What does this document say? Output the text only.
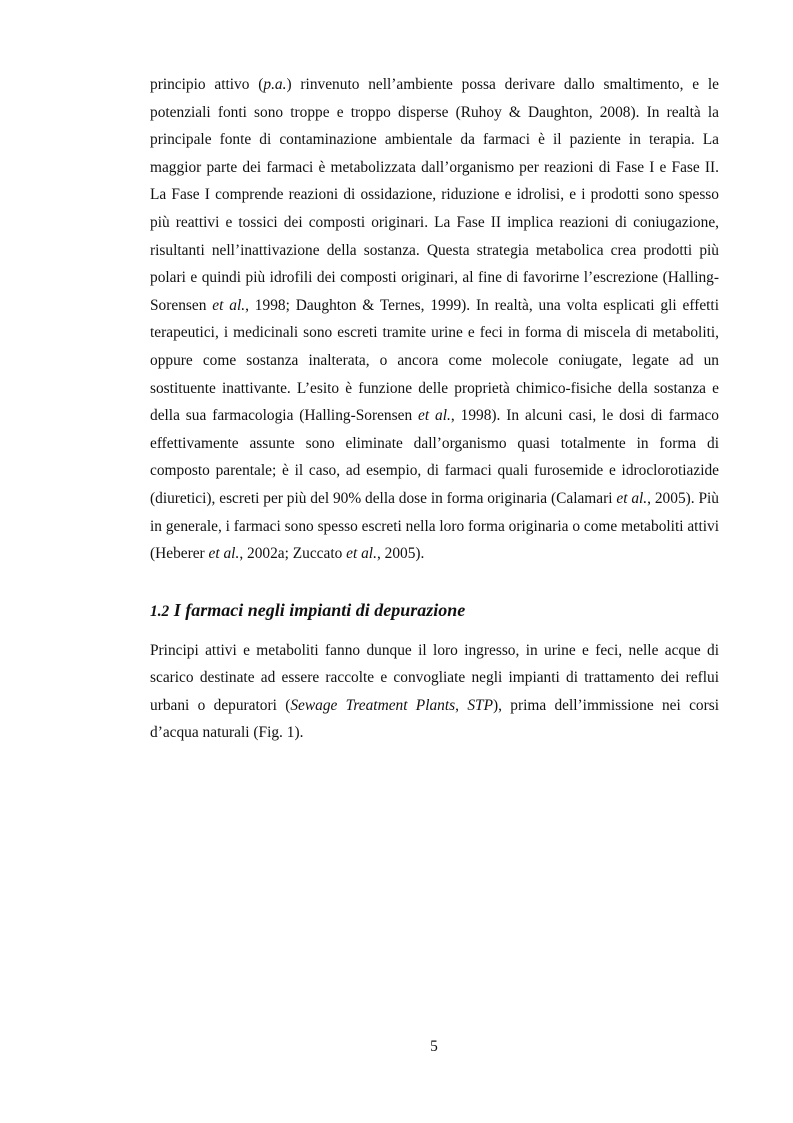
principio attivo (p.a.) rinvenuto nell’ambiente possa derivare dallo smaltimento, e le potenziali fonti sono troppe e troppo disperse (Ruhoy & Daughton, 2008). In realtà la principale fonte di contaminazione ambientale da farmaci è il paziente in terapia. La maggior parte dei farmaci è metabolizzata dall’organismo per reazioni di Fase I e Fase II. La Fase I comprende reazioni di ossidazione, riduzione e idrolisi, e i prodotti sono spesso più reattivi e tossici dei composti originari. La Fase II implica reazioni di coniugazione, risultanti nell’inattivazione della sostanza. Questa strategia metabolica crea prodotti più polari e quindi più idrofili dei composti originari, al fine di favorirne l’escrezione (Halling-Sorensen et al., 1998; Daughton & Ternes, 1999). In realtà, una volta esplicati gli effetti terapeutici, i medicinali sono escreti tramite urine e feci in forma di miscela di metaboliti, oppure come sostanza inalterata, o ancora come molecole coniugate, legate ad un sostituente inattivante. L’esito è funzione delle proprietà chimico-fisiche della sostanza e della sua farmacologia (Halling-Sorensen et al., 1998). In alcuni casi, le dosi di farmaco effettivamente assunte sono eliminate dall’organismo quasi totalmente in forma di composto parentale; è il caso, ad esempio, di farmaci quali furosemide e idroclorotiazide (diuretici), escreti per più del 90% della dose in forma originaria (Calamari et al., 2005). Più in generale, i farmaci sono spesso escreti nella loro forma originaria o come metaboliti attivi (Heberer et al., 2002a; Zuccato et al., 2005).

1.2 I farmaci negli impianti di depurazione

Principi attivi e metaboliti fanno dunque il loro ingresso, in urine e feci, nelle acque di scarico destinate ad essere raccolte e convogliate negli impianti di trattamento dei reflui urbani o depuratori (Sewage Treatment Plants, STP), prima dell’immissione nei corsi d’acqua naturali (Fig. 1).

5
